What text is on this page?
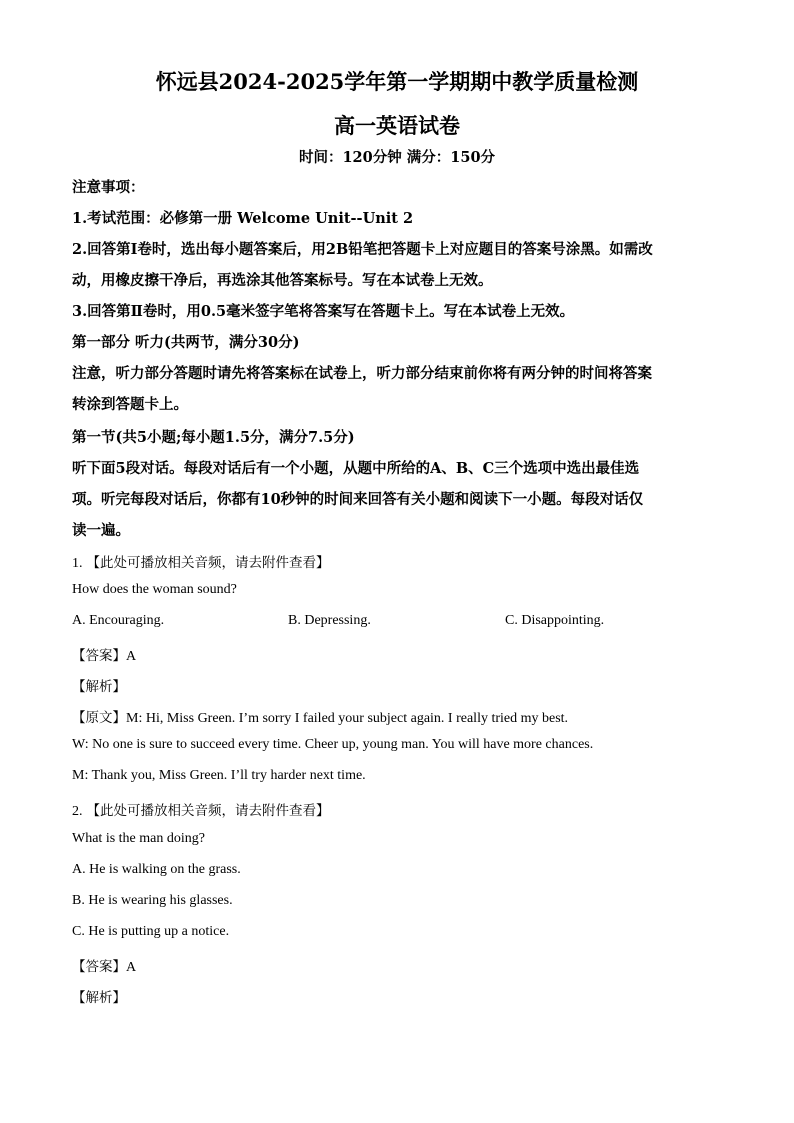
怀远县2024-2025学年第一学期期中教学质量检测
高一英语试卷
时间：120分钟 满分：150分
注意事项：
1.考试范围：必修第一册 Welcome Unit--Unit 2
2.回答第Ⅰ卷时，选出每小题答案后，用2B铅笔把答题卡上对应题目的答案号涂黑。如需改
动，用橡皮擦干净后，再选涂其他答案标号。写在本试卷上无效。
3.回答第Ⅱ卷时，用0.5毫米签字笔将答案写在答题卡上。写在本试卷上无效。
第一部分 听力(共两节，满分30分)
注意，听力部分答题时请先将答案标在试卷上，听力部分结束前你将有两分钟的时间将答案
转涂到答题卡上。
第一节(共5小题;每小题1.5分，满分7.5分)
听下面5段对话。每段对话后有一个小题，从题中所给的A、B、C三个选项中选出最佳选
项。听完每段对话后，你都有10秒钟的时间来回答有关小题和阅读下一小题。每段对话仅
读一遍。
1. 【此处可播放相关音频，请去附件查看】
How does the woman sound?
A. Encouraging.	B. Depressing.	C. Disappointing.
【答案】A
【解析】
【原文】M: Hi, Miss Green. I’m sorry I failed your subject again. I really tried my best.
W: No one is sure to succeed every time. Cheer up, young man. You will have more chances.
M: Thank you, Miss Green. I’ll try harder next time.
2. 【此处可播放相关音频，请去附件查看】
What is the man doing?
A. He is walking on the grass.
B. He is wearing his glasses.
C. He is putting up a notice.
【答案】A
【解析】
